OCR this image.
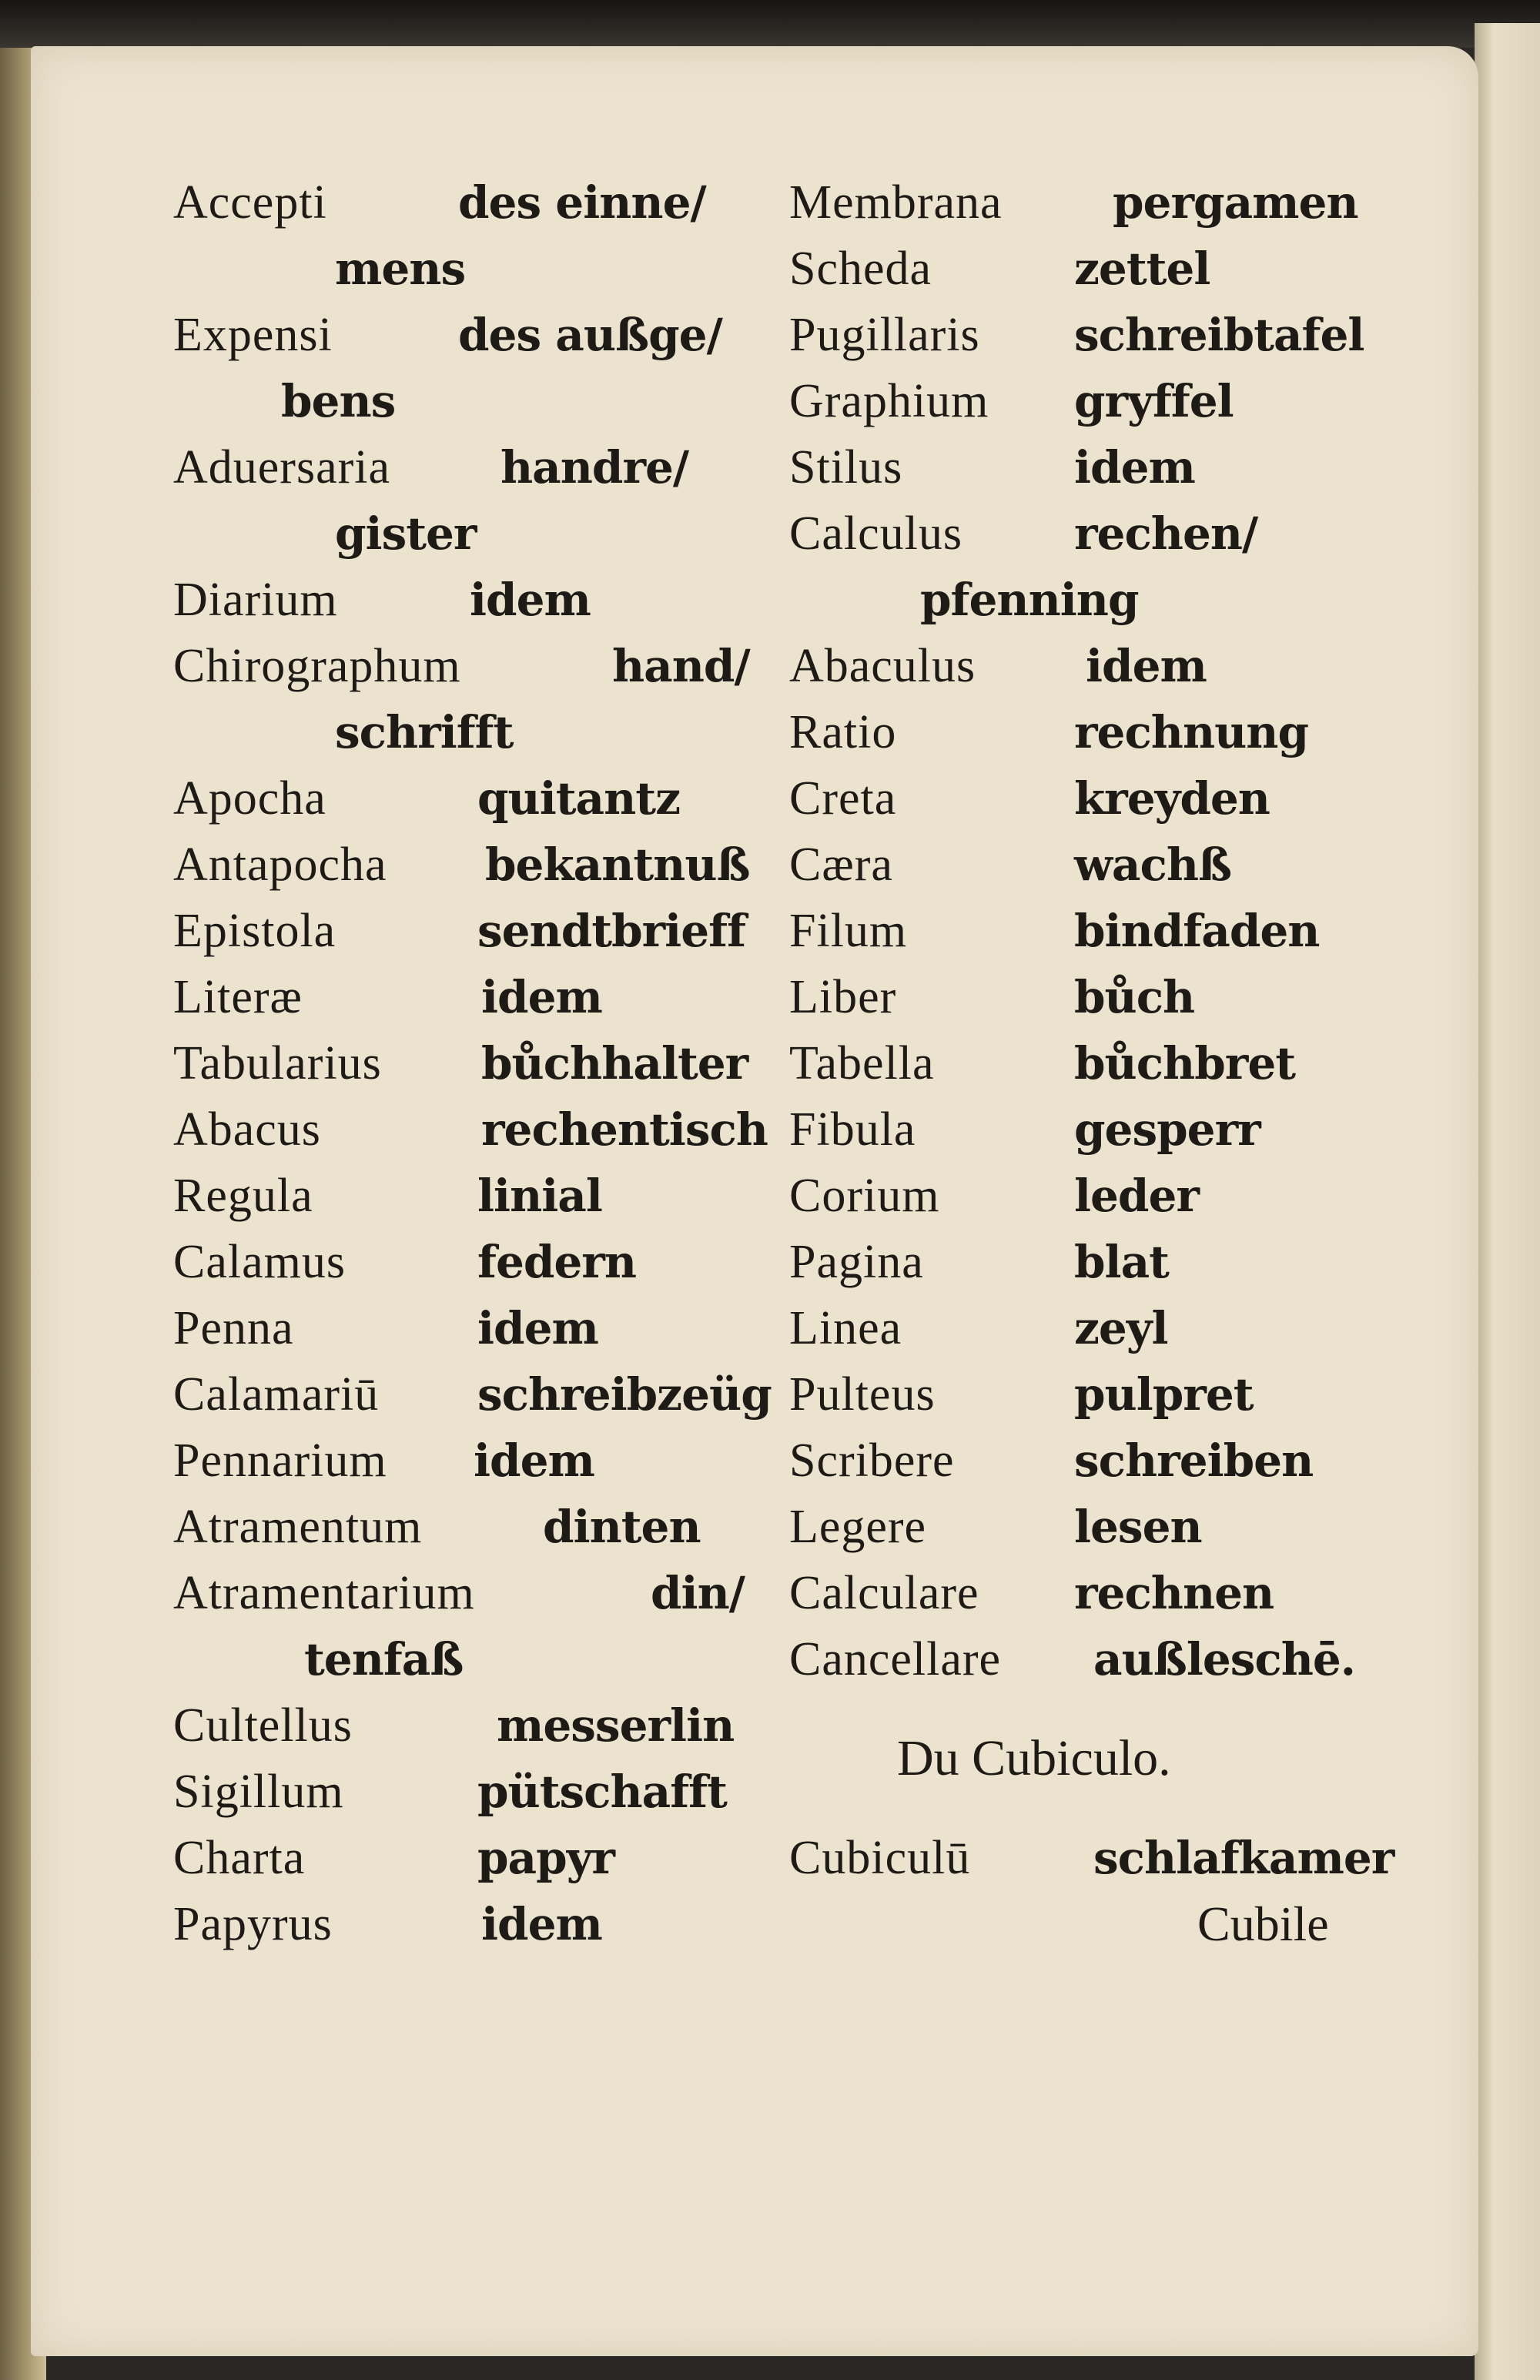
Accepti	des einne/
mens
Expensi	des außge/
bens
Aduersaria handre/
gister
Diarium	idem
Chirographum	hand/
schrifft
Apocha	quitantz
Antapocha bekantnuß
Epistola	sendtbrieff
Literæ	idem
Tabularius bůchhalter
Abacus	rechentisch
Regula	linial
Calamus	federn
Penna	idem
Calamariū schreibzeüg
Pennarium idem
Atramentum	dinten
Atramentarium	din/
tenfaß
Cultellus	messerlin
Sigillum	pütschafft
Charta	papyr
Papyrus	idem
Membrana pergamen
Scheda	zettel
Pugillaris schreibtafel
Graphium gryffel
Stilus	idem
Calculus	rechen/
pfenning
Abaculus idem
Ratio	rechnung
Creta	kreyden
Cæra	wachß
Filum	bindfaden
Liber	bůch
Tabella	bůchbret
Fibula	gesperr
Corium	leder
Pagina	blat
Linea	zeyl
Pulteus	pulpret
Scribere	schreiben
Legere	lesen
Calculare rechnen
Cancellare außleschē.
Du Cubiculo.
Cubiculū	schlafkamer
Cubile
